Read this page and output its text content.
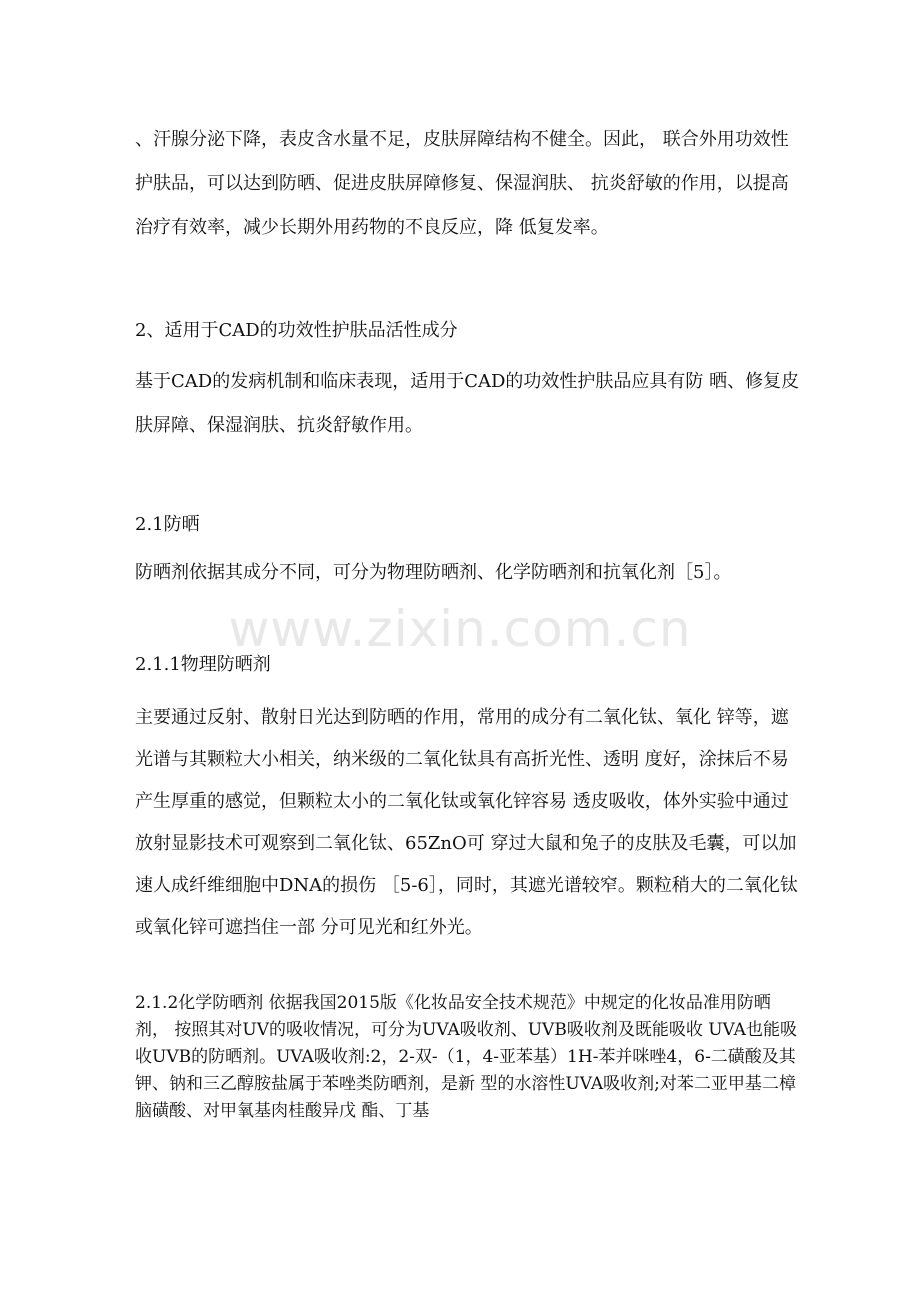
、汗腺分泌下降，表皮含水量不足，皮肤屏障结构不健全。因此， 联合外用功效性护肤品，可以达到防晒、促进皮肤屏障修复、保湿润肤、 抗炎舒敏的作用，以提高治疗有效率，减少长期外用药物的不良反应，降 低复发率。

2、适用于CAD的功效性护肤品活性成分

基于CAD的发病机制和临床表现，适用于CAD的功效性护肤品应具有防 晒、修复皮肤屏障、保湿润肤、抗炎舒敏作用。

2.1防晒

防晒剂依据其成分不同，可分为物理防晒剂、化学防晒剂和抗氧化剂［5］。

2.1.1物理防晒剂

主要通过反射、散射日光达到防晒的作用，常用的成分有二氧化钛、氧化 锌等，遮光谱与其颗粒大小相关，纳米级的二氧化钛具有高折光性、透明 度好，涂抹后不易产生厚重的感觉，但颗粒太小的二氧化钛或氧化锌容易 透皮吸收，体外实验中通过放射显影技术可观察到二氧化钛、65ZnO可 穿过大鼠和兔子的皮肤及毛囊，可以加速人成纤维细胞中DNA的损伤 ［5-6］，同时，其遮光谱较窄。颗粒稍大的二氧化钛或氧化锌可遮挡住一部 分可见光和红外光。

2.1.2化学防晒剂 依据我国2015版《化妆品安全技术规范》中规定的化妆品准用防晒剂， 按照其对UV的吸收情况，可分为UVA吸收剂、UVB吸收剂及既能吸收 UVA也能吸收UVB的防晒剂。UVA吸收剂:2，2-双-（1，4-亚苯基）1H-苯并咪唑4，6-二磺酸及其钾、钠和三乙醇胺盐属于苯唑类防晒剂，是新 型的水溶性UVA吸收剂;对苯二亚甲基二樟脑磺酸、对甲氧基肉桂酸异戊 酯、丁基

www.zixin.com.cn
